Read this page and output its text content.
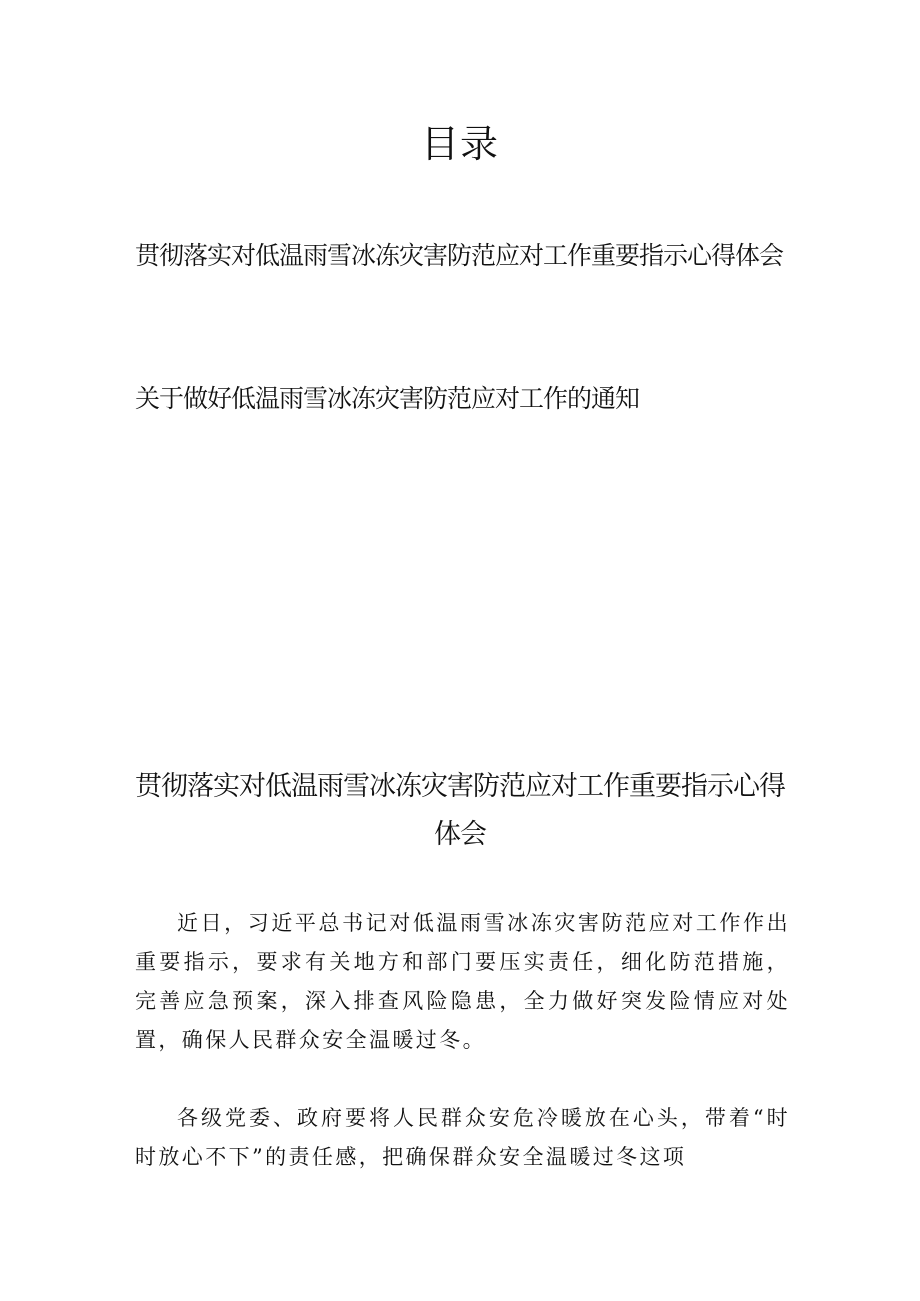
目录
贯彻落实对低温雨雪冰冻灾害防范应对工作重要指示心得体会
关于做好低温雨雪冰冻灾害防范应对工作的通知
贯彻落实对低温雨雪冰冻灾害防范应对工作重要指示心得体会
近日，习近平总书记对低温雨雪冰冻灾害防范应对工作作出重要指示，要求有关地方和部门要压实责任，细化防范措施，完善应急预案，深入排查风险隐患，全力做好突发险情应对处置，确保人民群众安全温暖过冬。
各级党委、政府要将人民群众安危冷暖放在心头，带着“时时放心不下”的责任感，把确保群众安全温暖过冬这项
